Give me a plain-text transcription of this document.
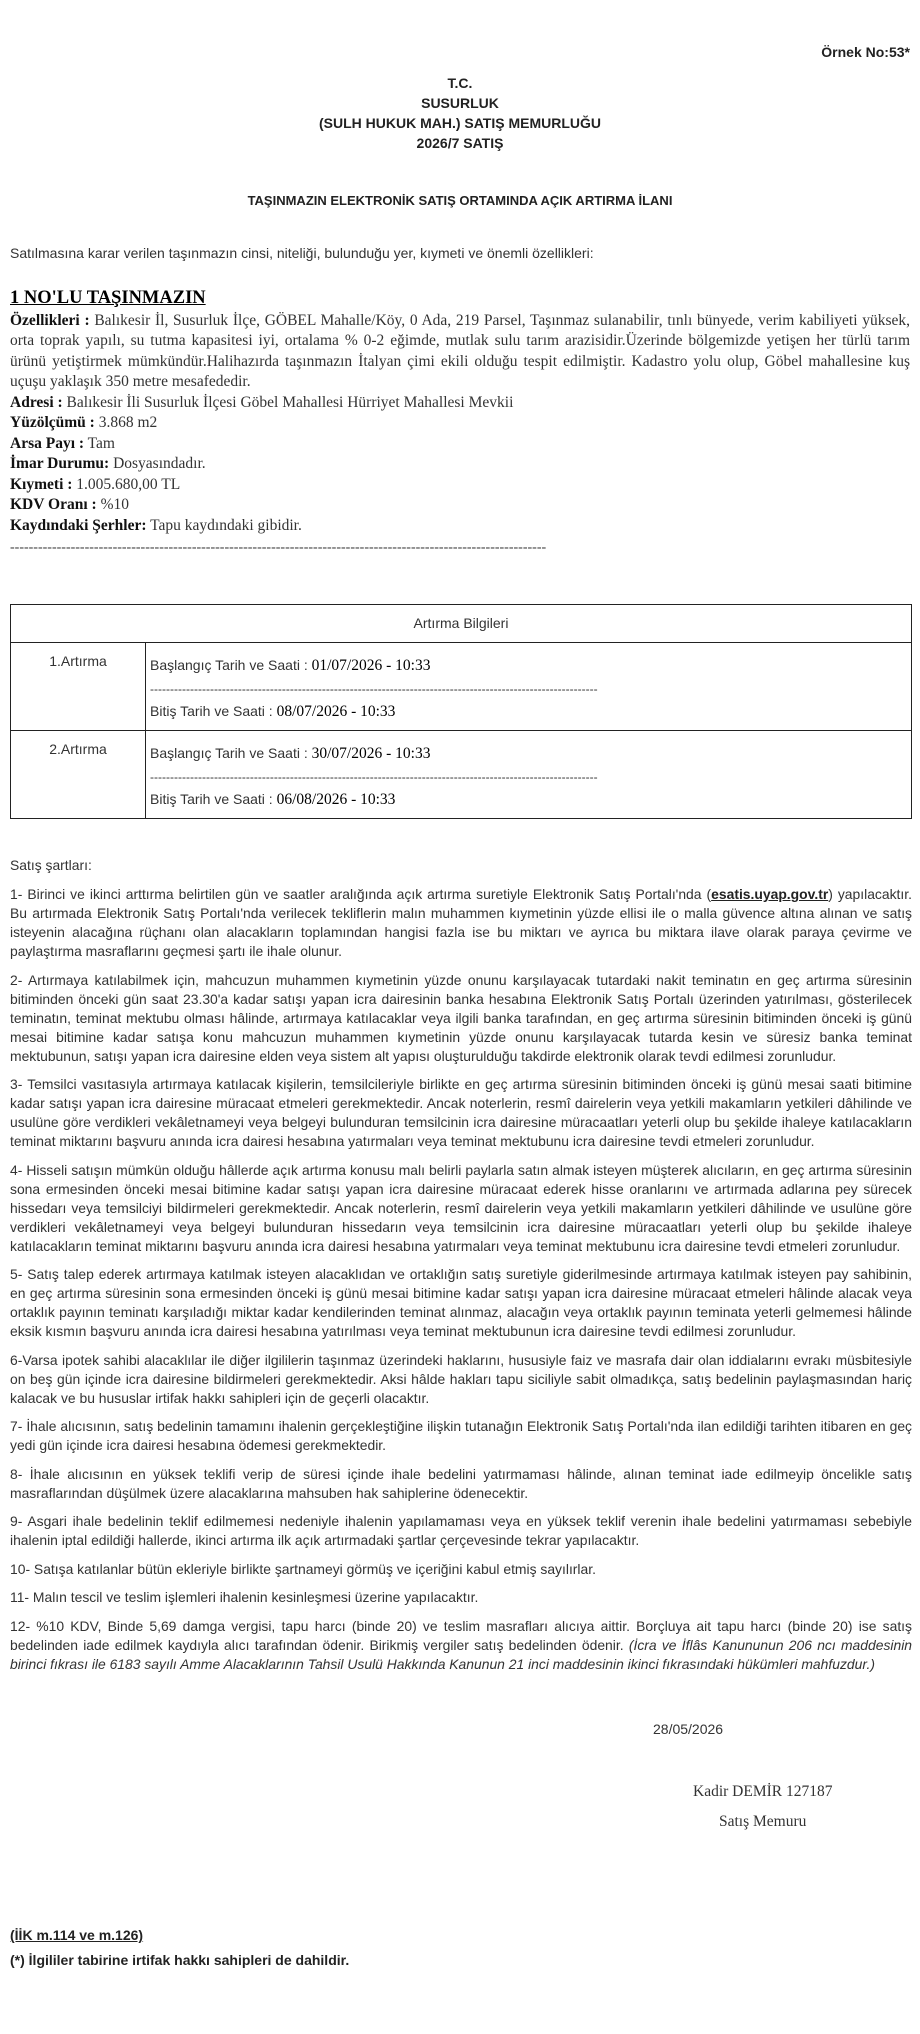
Örnek No:53*
T.C.
SUSURLUK
(SULH HUKUK MAH.) SATIŞ MEMURLUĞU
2026/7 SATIŞ
TAŞINMAZIN ELEKTRONİK SATIŞ ORTAMINDA AÇIK ARTIRMA İLANI
Satılmasına karar verilen taşınmazın cinsi, niteliği, bulunduğu yer, kıymeti ve önemli özellikleri:
1 NO'LU TAŞINMAZIN

Özellikleri : Balıkesir İl, Susurluk İlçe, GÖBEL Mahalle/Köy, 0 Ada, 219 Parsel, Taşınmaz sulanabilir, tınlı bünyede, verim kabiliyeti yüksek, orta toprak yapılı, su tutma kapasitesi iyi, ortalama % 0-2 eğimde, mutlak sulu tarım arazisidir.Üzerinde bölgemizde yetişen her türlü tarım ürünü yetiştirmek mümkündür.Halihazırda taşınmazın İtalyan çimi ekili olduğu tespit edilmiştir. Kadastro yolu olup, Göbel mahallesine kuş uçuşu yaklaşık 350 metre mesafededir.

Adresi : Balıkesir İli Susurluk İlçesi Göbel Mahallesi Hürriyet Mahallesi Mevkii

Yüzölçümü : 3.868 m2

Arsa Payı : Tam

İmar Durumu: Dosyasındadır.

Kıymeti : 1.005.680,00 TL

KDV Oranı : %10

Kaydındaki Şerhler: Tapu kaydındaki gibidir.

-------------------------------------------------------------------------------------------------------------------
Artırma Bilgileri	
1.Artırma	Başlangıç Tarih ve Saati : 01/07/2026 - 10:33
----------------------------------------------------------------------------------------------------------------
Bitiş Tarih ve Saati : 08/07/2026 - 10:33

2.Artırma	Başlangıç Tarih ve Saati : 30/07/2026 - 10:33
----------------------------------------------------------------------------------------------------------------
Bitiş Tarih ve Saati : 06/08/2026 - 10:33

Satış şartları:

1- Birinci ve ikinci arttırma belirtilen gün ve saatler aralığında açık artırma suretiyle Elektronik Satış Portalı'nda (esatis.uyap.gov.tr) yapılacaktır. Bu artırmada Elektronik Satış Portalı'nda verilecek tekliflerin malın muhammen kıymetinin yüzde ellisi ile o malla güvence altına alınan ve satış isteyenin alacağına rüçhanı olan alacakların toplamından hangisi fazla ise bu miktarı ve ayrıca bu miktara ilave olarak paraya çevirme ve paylaştırma masraflarını geçmesi şartı ile ihale olunur.

2- Artırmaya katılabilmek için, mahcuzun muhammen kıymetinin yüzde onunu karşılayacak tutardaki nakit teminatın en geç artırma süresinin bitiminden önceki gün saat 23.30'a kadar satışı yapan icra dairesinin banka hesabına Elektronik Satış Portalı üzerinden yatırılması, gösterilecek teminatın, teminat mektubu olması hâlinde, artırmaya katılacaklar veya ilgili banka tarafından, en geç artırma süresinin bitiminden önceki iş günü mesai bitimine kadar satışa konu mahcuzun muhammen kıymetinin yüzde onunu karşılayacak tutarda kesin ve süresiz banka teminat mektubunun, satışı yapan icra dairesine elden veya sistem alt yapısı oluşturulduğu takdirde elektronik olarak tevdi edilmesi zorunludur.

3- Temsilci vasıtasıyla artırmaya katılacak kişilerin, temsilcileriyle birlikte en geç artırma süresinin bitiminden önceki iş günü mesai saati bitimine kadar satışı yapan icra dairesine müracaat etmeleri gerekmektedir. Ancak noterlerin, resmî dairelerin veya yetkili makamların yetkileri dâhilinde ve usulüne göre verdikleri vekâletnameyi veya belgeyi bulunduran temsilcinin icra dairesine müracaatları yeterli olup bu şekilde ihaleye katılacakların teminat miktarını başvuru anında icra dairesi hesabına yatırmaları veya teminat mektubunu icra dairesine tevdi etmeleri zorunludur.

4- Hisseli satışın mümkün olduğu hâllerde açık artırma konusu malı belirli paylarla satın almak isteyen müşterek alıcıların, en geç artırma süresinin sona ermesinden önceki mesai bitimine kadar satışı yapan icra dairesine müracaat ederek hisse oranlarını ve artırmada adlarına pey sürecek hissedarı veya temsilciyi bildirmeleri gerekmektedir. Ancak noterlerin, resmî dairelerin veya yetkili makamların yetkileri dâhilinde ve usulüne göre verdikleri vekâletnameyi veya belgeyi bulunduran hissedarın veya temsilcinin icra dairesine müracaatları yeterli olup bu şekilde ihaleye katılacakların teminat miktarını başvuru anında icra dairesi hesabına yatırmaları veya teminat mektubunu icra dairesine tevdi etmeleri zorunludur.

5- Satış talep ederek artırmaya katılmak isteyen alacaklıdan ve ortaklığın satış suretiyle giderilmesinde artırmaya katılmak isteyen pay sahibinin, en geç artırma süresinin sona ermesinden önceki iş günü mesai bitimine kadar satışı yapan icra dairesine müracaat etmeleri hâlinde alacak veya ortaklık payının teminatı karşıladığı miktar kadar kendilerinden teminat alınmaz, alacağın veya ortaklık payının teminata yeterli gelmemesi hâlinde eksik kısmın başvuru anında icra dairesi hesabına yatırılması veya teminat mektubunun icra dairesine tevdi edilmesi zorunludur.

6-Varsa ipotek sahibi alacaklılar ile diğer ilgililerin taşınmaz üzerindeki haklarını, hususiyle faiz ve masrafa dair olan iddialarını evrakı müsbitesiyle on beş gün içinde icra dairesine bildirmeleri gerekmektedir. Aksi hâlde hakları tapu siciliyle sabit olmadıkça, satış bedelinin paylaşmasından hariç kalacak ve bu hususlar irtifak hakkı sahipleri için de geçerli olacaktır.

7- İhale alıcısının, satış bedelinin tamamını ihalenin gerçekleştiğine ilişkin tutanağın Elektronik Satış Portalı'nda ilan edildiği tarihten itibaren en geç yedi gün içinde icra dairesi hesabına ödemesi gerekmektedir.

8- İhale alıcısının en yüksek teklifi verip de süresi içinde ihale bedelini yatırmaması hâlinde, alınan teminat iade edilmeyip öncelikle satış masraflarından düşülmek üzere alacaklarına mahsuben hak sahiplerine ödenecektir.

9- Asgari ihale bedelinin teklif edilmemesi nedeniyle ihalenin yapılamaması veya en yüksek teklif verenin ihale bedelini yatırmaması sebebiyle ihalenin iptal edildiği hallerde, ikinci artırma ilk açık artırmadaki şartlar çerçevesinde tekrar yapılacaktır.

10- Satışa katılanlar bütün ekleriyle birlikte şartnameyi görmüş ve içeriğini kabul etmiş sayılırlar.

11- Malın tescil ve teslim işlemleri ihalenin kesinleşmesi üzerine yapılacaktır.

12- %10 KDV, Binde 5,69 damga vergisi, tapu harcı (binde 20) ve teslim masrafları alıcıya aittir. Borçluya ait tapu harcı (binde 20) ise satış bedelinden iade edilmek kaydıyla alıcı tarafından ödenir. Birikmiş vergiler satış bedelinden ödenir. (İcra ve İflâs Kanununun 206 ncı maddesinin birinci fıkrası ile 6183 sayılı Amme Alacaklarının Tahsil Usulü Hakkında Kanunun 21 inci maddesinin ikinci fıkrasındaki hükümleri mahfuzdur.)

28/05/2026
Kadir DEMİR 127187
Satış Memuru
(İİK m.114 ve m.126)
(*) İlgililer tabirine irtifak hakkı sahipleri de dahildir.
